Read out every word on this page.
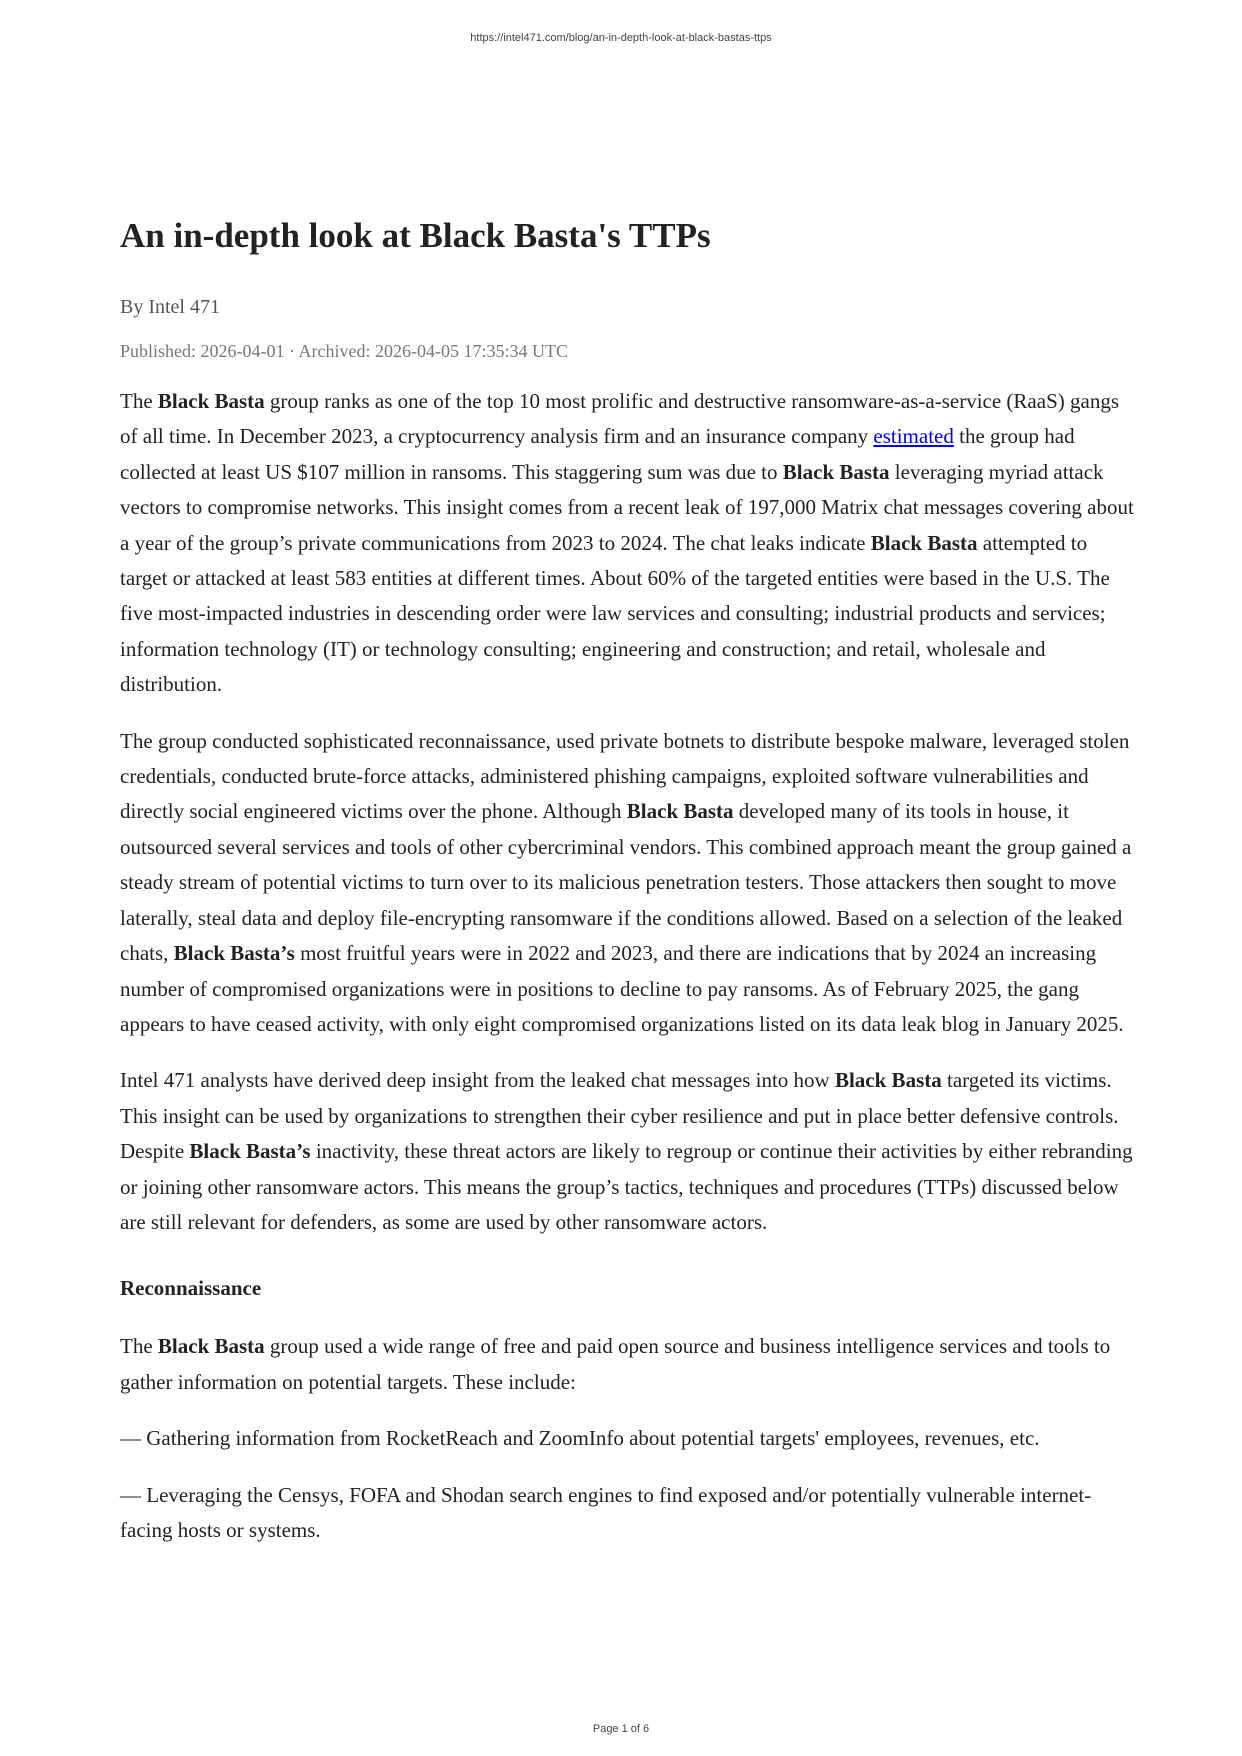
https://intel471.com/blog/an-in-depth-look-at-black-bastas-ttps
An in-depth look at Black Basta's TTPs
By Intel 471
Published: 2026-04-01 · Archived: 2026-04-05 17:35:34 UTC

The Black Basta group ranks as one of the top 10 most prolific and destructive ransomware-as-a-service (RaaS) gangs of all time. In December 2023, a cryptocurrency analysis firm and an insurance company estimated the group had collected at least US $107 million in ransoms. This staggering sum was due to Black Basta leveraging myriad attack vectors to compromise networks. This insight comes from a recent leak of 197,000 Matrix chat messages covering about a year of the group’s private communications from 2023 to 2024. The chat leaks indicate Black Basta attempted to target or attacked at least 583 entities at different times. About 60% of the targeted entities were based in the U.S. The five most-impacted industries in descending order were law services and consulting; industrial products and services; information technology (IT) or technology consulting; engineering and construction; and retail, wholesale and distribution.

The group conducted sophisticated reconnaissance, used private botnets to distribute bespoke malware, leveraged stolen credentials, conducted brute-force attacks, administered phishing campaigns, exploited software vulnerabilities and directly social engineered victims over the phone. Although Black Basta developed many of its tools in house, it outsourced several services and tools of other cybercriminal vendors. This combined approach meant the group gained a steady stream of potential victims to turn over to its malicious penetration testers. Those attackers then sought to move laterally, steal data and deploy file-encrypting ransomware if the conditions allowed. Based on a selection of the leaked chats, Black Basta’s most fruitful years were in 2022 and 2023, and there are indications that by 2024 an increasing number of compromised organizations were in positions to decline to pay ransoms. As of February 2025, the gang appears to have ceased activity, with only eight compromised organizations listed on its data leak blog in January 2025.

Intel 471 analysts have derived deep insight from the leaked chat messages into how Black Basta targeted its victims. This insight can be used by organizations to strengthen their cyber resilience and put in place better defensive controls. Despite Black Basta’s inactivity, these threat actors are likely to regroup or continue their activities by either rebranding or joining other ransomware actors. This means the group’s tactics, techniques and procedures (TTPs) discussed below are still relevant for defenders, as some are used by other ransomware actors.

Reconnaissance

The Black Basta group used a wide range of free and paid open source and business intelligence services and tools to gather information on potential targets. These include:

— Gathering information from RocketReach and ZoomInfo about potential targets' employees, revenues, etc.

— Leveraging the Censys, FOFA and Shodan search engines to find exposed and/or potentially vulnerable internet-facing hosts or systems.

Page 1 of 6
